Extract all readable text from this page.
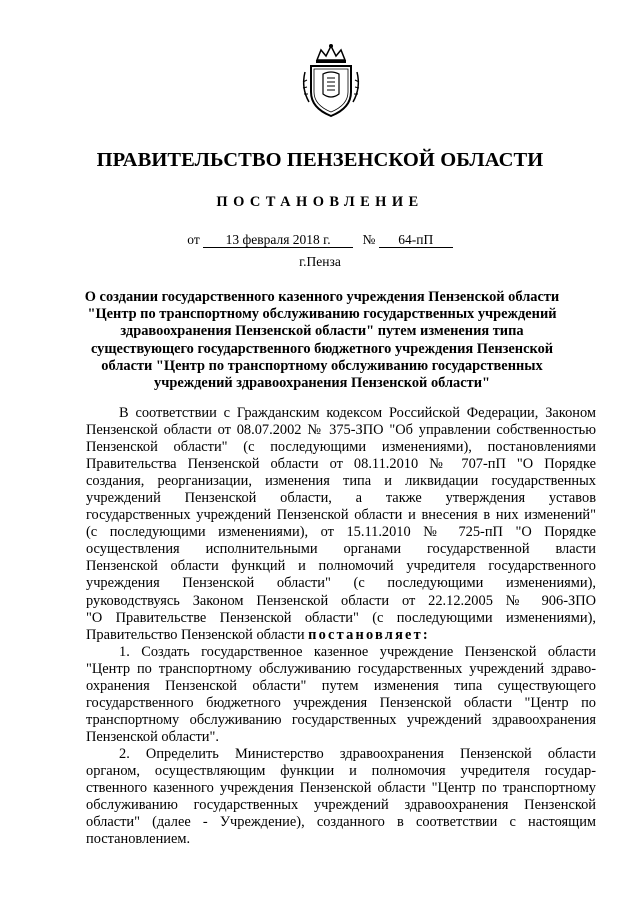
ПРАВИТЕЛЬСТВО ПЕНЗЕНСКОЙ ОБЛАСТИ
ПОСТАНОВЛЕНИЕ
от 13 февраля 2018 г. № 64-пП
г.Пенза
О создании государственного казенного учреждения Пензенской области
"Центр по транспортному обслуживанию государственных учреждений
здравоохранения Пензенской области" путем изменения типа
существующего государственного бюджетного учреждения Пензенской
области "Центр по транспортному обслуживанию государственных
учреждений здравоохранения Пензенской области"
В соответствии с Гражданским кодексом Российской Федерации, Законом
Пензенской области от 08.07.2002 № 375-ЗПО "Об управлении собственностью
Пензенской области" (с последующими изменениями), постановлениями
Правительства Пензенской области от 08.11.2010 № 707-пП "О Порядке
создания, реорганизации, изменения типа и ликвидации государственных
учреждений Пензенской области, а также утверждения уставов
государственных учреждений Пензенской области и внесения в них изменений"
(с последующими изменениями), от 15.11.2010 № 725-пП "О Порядке
осуществления исполнительными органами государственной власти
Пензенской области функций и полномочий учредителя государственного
учреждения Пензенской области" (с последующими изменениями),
руководствуясь Законом Пензенской области от 22.12.2005 № 906-ЗПО
"О Правительстве Пензенской области" (с последующими изменениями),
Правительство Пензенской области постановляет:
1. Создать государственное казенное учреждение Пензенской области
"Центр по транспортному обслуживанию государственных учреждений здраво-
охранения Пензенской области" путем изменения типа существующего
государственного бюджетного учреждения Пензенской области "Центр по
транспортному обслуживанию государственных учреждений здравоохранения
Пензенской области".
2. Определить Министерство здравоохранения Пензенской области
органом, осуществляющим функции и полномочия учредителя государ-
ственного казенного учреждения Пензенской области "Центр по транспортному
обслуживанию государственных учреждений здравоохранения Пензенской
области" (далее - Учреждение), созданного в соответствии с настоящим
постановлением.
